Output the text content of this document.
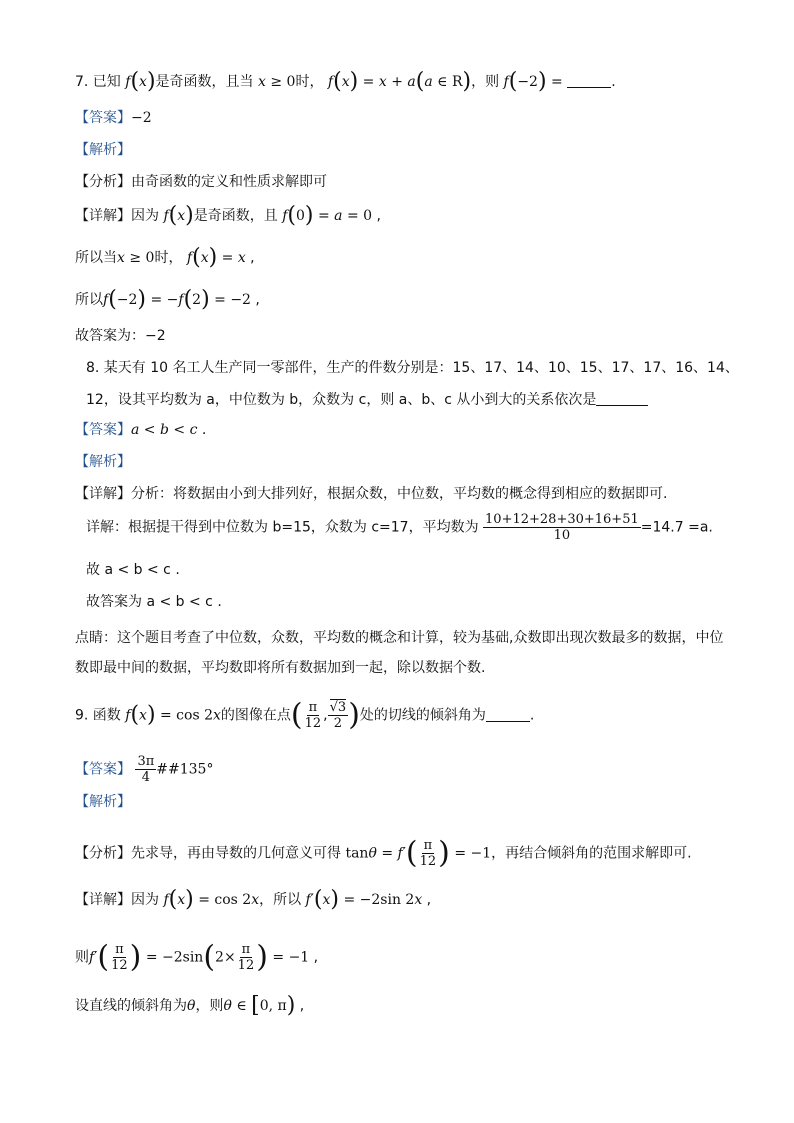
7. 已知 f(x)是奇函数，且当 x ≥ 0时， f(x) = x + a(a ∈ R)，则 f(−2) =	.
【答案】−2
【解析】
【分析】由奇函数的定义和性质求解即可
【详解】因为 f(x)是奇函数，且 f(0) = a = 0 ,
所以当x ≥ 0时， f(x) = x ,
所以f(−2) = −f(2) = −2 ,
故答案为：−2
8. 某天有 10 名工人生产同一零部件，生产的件数分别是：15、17、14、10、15、17、17、16、14、
12，设其平均数为 a，中位数为 b，众数为 c，则 a、b、c 从小到大的关系依次是
【答案】a < b < c .
【解析】
【详解】分析：将数据由小到大排列好，根据众数，中位数，平均数的概念得到相应的数据即可.
详解：根据提干得到中位数为 b=15，众数为 c=17，平均数为 $\frac{10+12+28+30+16+51}{10} =14.7 =a$.
故 a < b < c .
故答案为 a < b < c .
点睛：这个题目考查了中位数，众数，平均数的概念和计算，较为基础,众数即出现次数最多的数据，中位
数即最中间的数据，平均数即将所有数据加到一起，除以数据个数.
9. 函数 f(x) = cos 2x的图像在点( $\frac{\pi}{12}$ , $\frac{√3}{2}$ )处的切线的倾斜角为	.
【答案】 $\frac{3\pi}{4}$ ##135°
【解析】
【分析】先求导，再由导数的几何意义可得 $\tan\theta = f'( \frac{\pi}{12}$ ) = −1，再结合倾斜角的范围求解即可.
【详解】因为 f(x) = cos 2x，所以 f′(x) = −2sin 2x ,
则$f'( \frac{\pi}{12}$ ) = $-2\sin(2\times \frac{\pi}{12}$ ) = −1 ,
设直线的倾斜角为θ，则θ ∈ [0, π) ,
